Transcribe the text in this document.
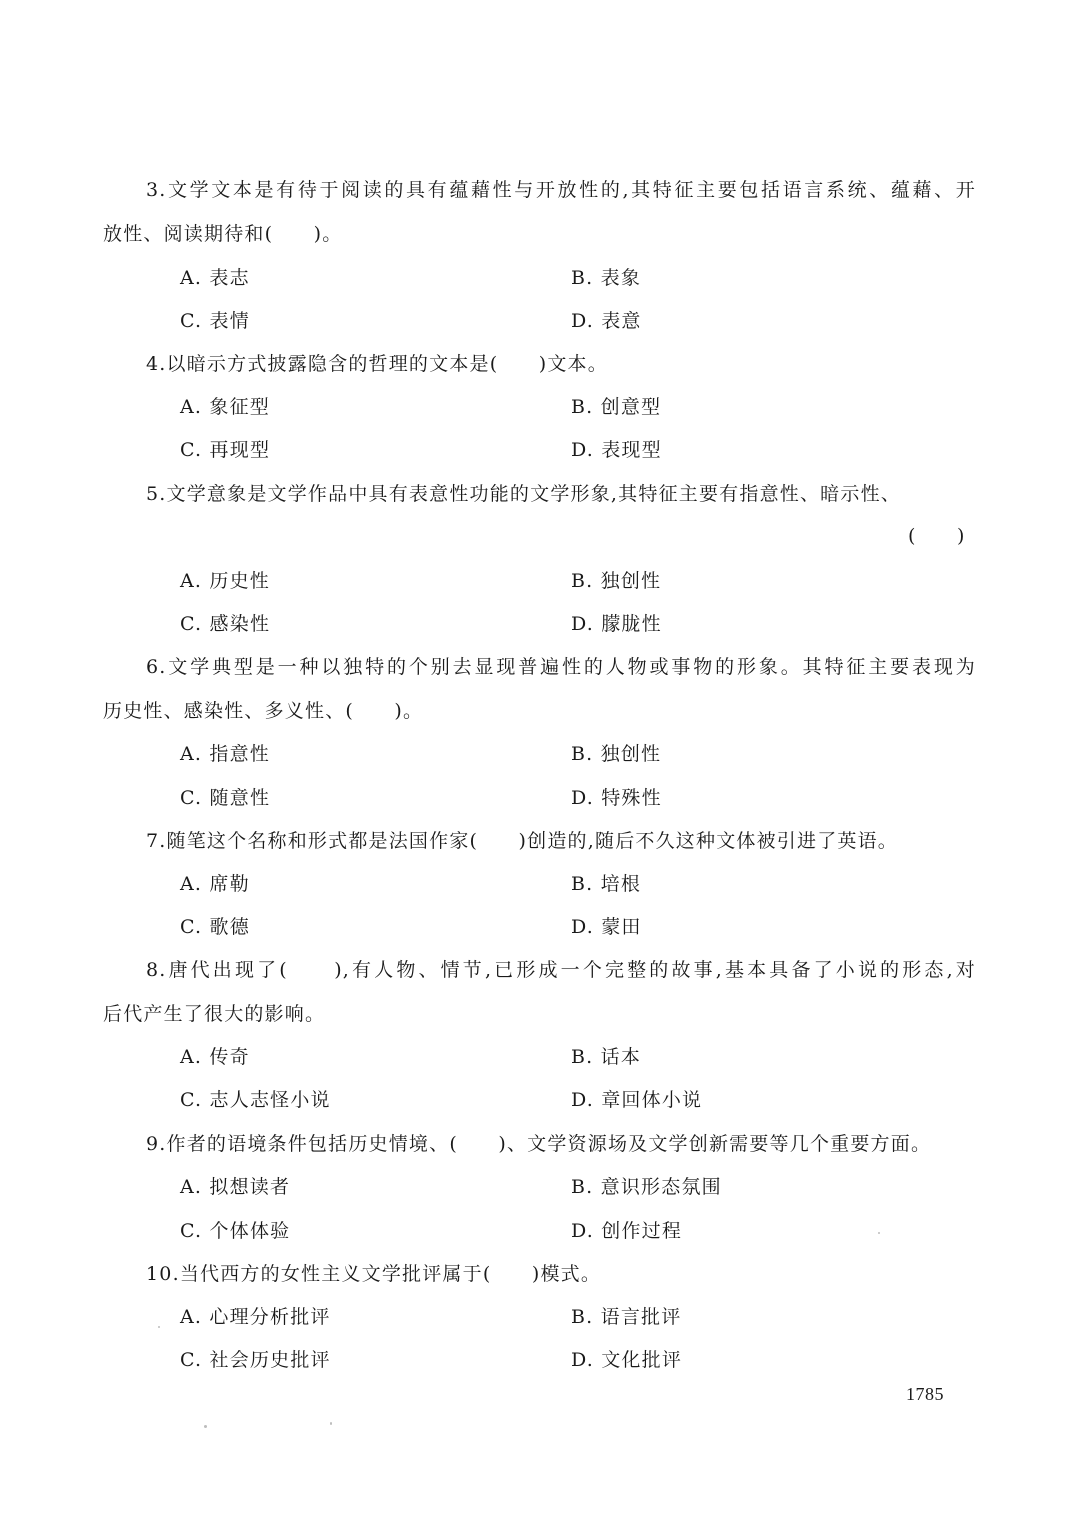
3.文学文本是有待于阅读的具有蕴藉性与开放性的,其特征主要包括语言系统、蕴藉、开
放性、阅读期待和(　　)。
A. 表志	B. 表象
C. 表情	D. 表意
4.以暗示方式披露隐含的哲理的文本是(　　)文本。
A. 象征型	B. 创意型
C. 再现型	D. 表现型
5.文学意象是文学作品中具有表意性功能的文学形象,其特征主要有指意性、暗示性、
(　　)
A. 历史性	B. 独创性
C. 感染性	D. 朦胧性
6.文学典型是一种以独特的个别去显现普遍性的人物或事物的形象。其特征主要表现为
历史性、感染性、多义性、(　　)。
A. 指意性	B. 独创性
C. 随意性	D. 特殊性
7.随笔这个名称和形式都是法国作家(　　)创造的,随后不久这种文体被引进了英语。
A. 席勒	B. 培根
C. 歌德	D. 蒙田
8.唐代出现了(　　),有人物、情节,已形成一个完整的故事,基本具备了小说的形态,对
后代产生了很大的影响。
A. 传奇	B. 话本
C. 志人志怪小说	D. 章回体小说
9.作者的语境条件包括历史情境、(　　)、文学资源场及文学创新需要等几个重要方面。
A. 拟想读者	B. 意识形态氛围
C. 个体体验	D. 创作过程
10.当代西方的女性主义文学批评属于(　　)模式。
A. 心理分析批评	B. 语言批评
C. 社会历史批评	D. 文化批评
1785
